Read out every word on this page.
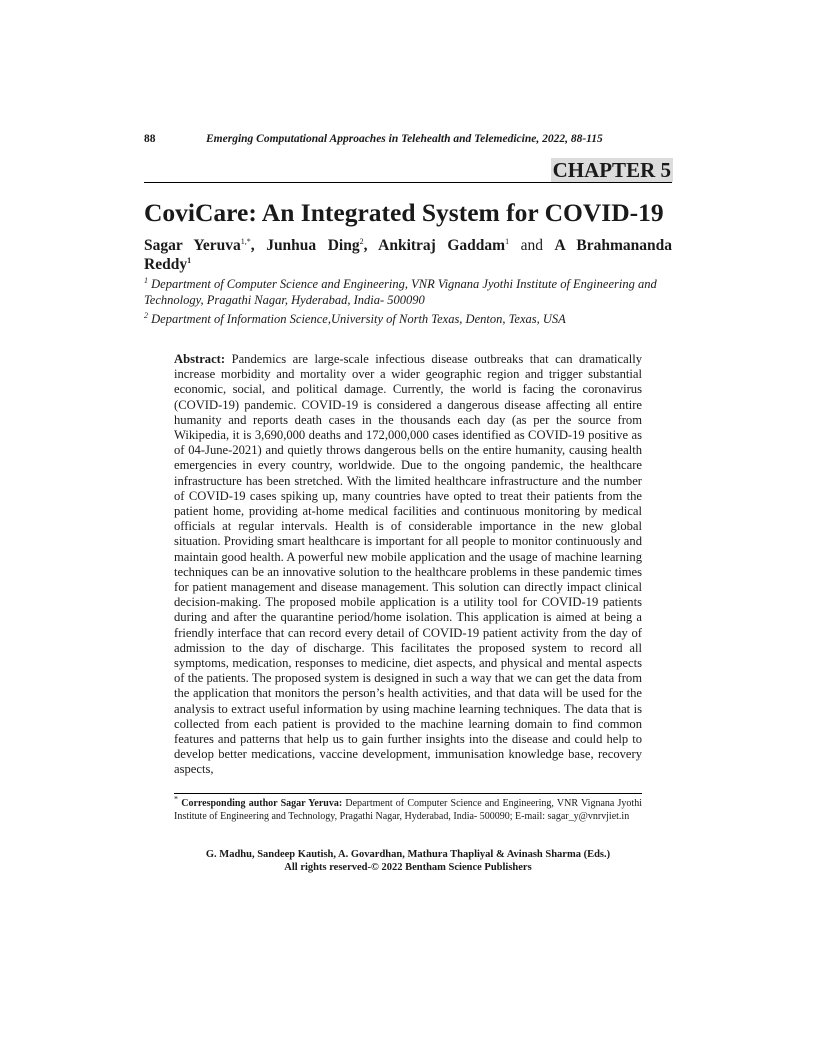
88	Emerging Computational Approaches in Telehealth and Telemedicine, 2022, 88-115
CHAPTER 5
CoviCare: An Integrated System for COVID-19
Sagar Yeruva$^{1,*}$, Junhua Ding$^2$, Ankitraj Gaddam$^1$ and A Brahmananda
Reddy$^1$
$^1$ Department of Computer Science and Engineering, VNR Vignana Jyothi Institute of Engineering and Technology, Pragathi Nagar, Hyderabad, India- 500090
$^2$ Department of Information Science,University of North Texas, Denton, Texas, USA

Abstract: Pandemics are large-scale infectious disease outbreaks that can dramatically increase morbidity and mortality over a wider geographic region and trigger substantial economic, social, and political damage. Currently, the world is facing the coronavirus (COVID-19) pandemic. COVID-19 is considered a dangerous disease affecting all entire humanity and reports death cases in the thousands each day (as per the source from Wikipedia, it is 3,690,000 deaths and 172,000,000 cases identified as COVID-19 positive as of 04-June-2021) and quietly throws dangerous bells on the entire humanity, causing health emergencies in every country, worldwide. Due to the ongoing pandemic, the healthcare infrastructure has been stretched. With the limited healthcare infrastructure and the number of COVID-19 cases spiking up, many countries have opted to treat their patients from the patient home, providing at-home medical facilities and continuous monitoring by medical officials at regular intervals. Health is of considerable importance in the new global situation. Providing smart healthcare is important for all people to monitor continuously and maintain good health. A powerful new mobile application and the usage of machine learning techniques can be an innovative solution to the healthcare problems in these pandemic times for patient management and disease management. This solution can directly impact clinical decision-making. The proposed mobile application is a utility tool for COVID-19 patients during and after the quarantine period/home isolation. This application is aimed at being a friendly interface that can record every detail of COVID-19 patient activity from the day of admission to the day of discharge. This facilitates the proposed system to record all symptoms, medication, responses to medicine, diet aspects, and physical and mental aspects of the patients. The proposed system is designed in such a way that we can get the data from the application that monitors the person’s health activities, and that data will be used for the analysis to extract useful information by using machine learning techniques. The data that is collected from each patient is provided to the machine learning domain to find common features and patterns that help us to gain further insights into the disease and could help to develop better medications, vaccine development, immunisation knowledge base, recovery aspects,

* Corresponding author Sagar Yeruva: Department of Computer Science and Engineering, VNR Vignana Jyothi Institute of Engineering and Technology, Pragathi Nagar, Hyderabad, India- 500090; E-mail: sagar_y@vnrvjiet.in
G. Madhu, Sandeep Kautish, A. Govardhan, Mathura Thapliyal & Avinash Sharma (Eds.)
All rights reserved-© 2022 Bentham Science Publishers
